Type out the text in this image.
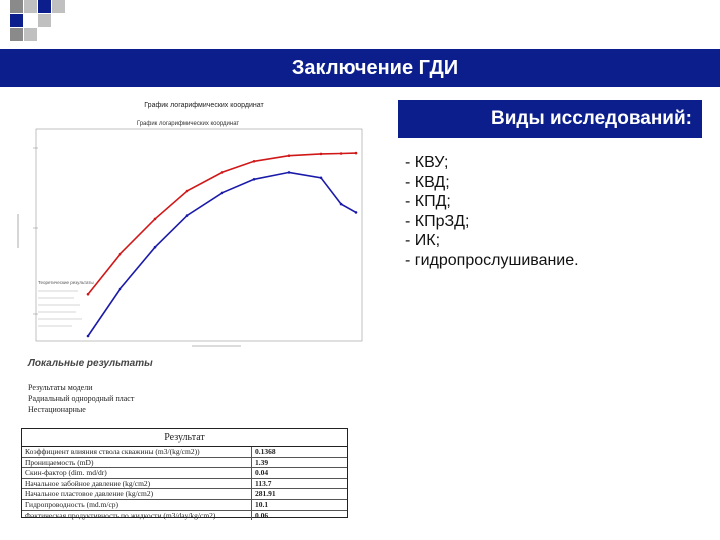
Заключение ГДИ
График логарифмических координат
График логарифмических координат
Теоретические результаты
Локальные результаты
Результаты модели
Радиальный однородный пласт
Нестационарные
Результат
Коэффициент влияния ствола скважины (m3/(kg/cm2))	0.1368
Проницаемость (mD)	1.39
Скин-фактор (dim. md/dr)	0.04
Начальное забойное давление (kg/cm2)	113.7
Начальное пластовое давление (kg/cm2)	281.91
Гидропроводность (md.m/cp)	10.1
Фактическая продуктивность по жидкости (m3/day/kg/cm2)	0.06
Виды исследований:
- КВУ;
- КВД;
- КПД;
- КПрЗД;
- ИК;
- гидропрослушивание.
